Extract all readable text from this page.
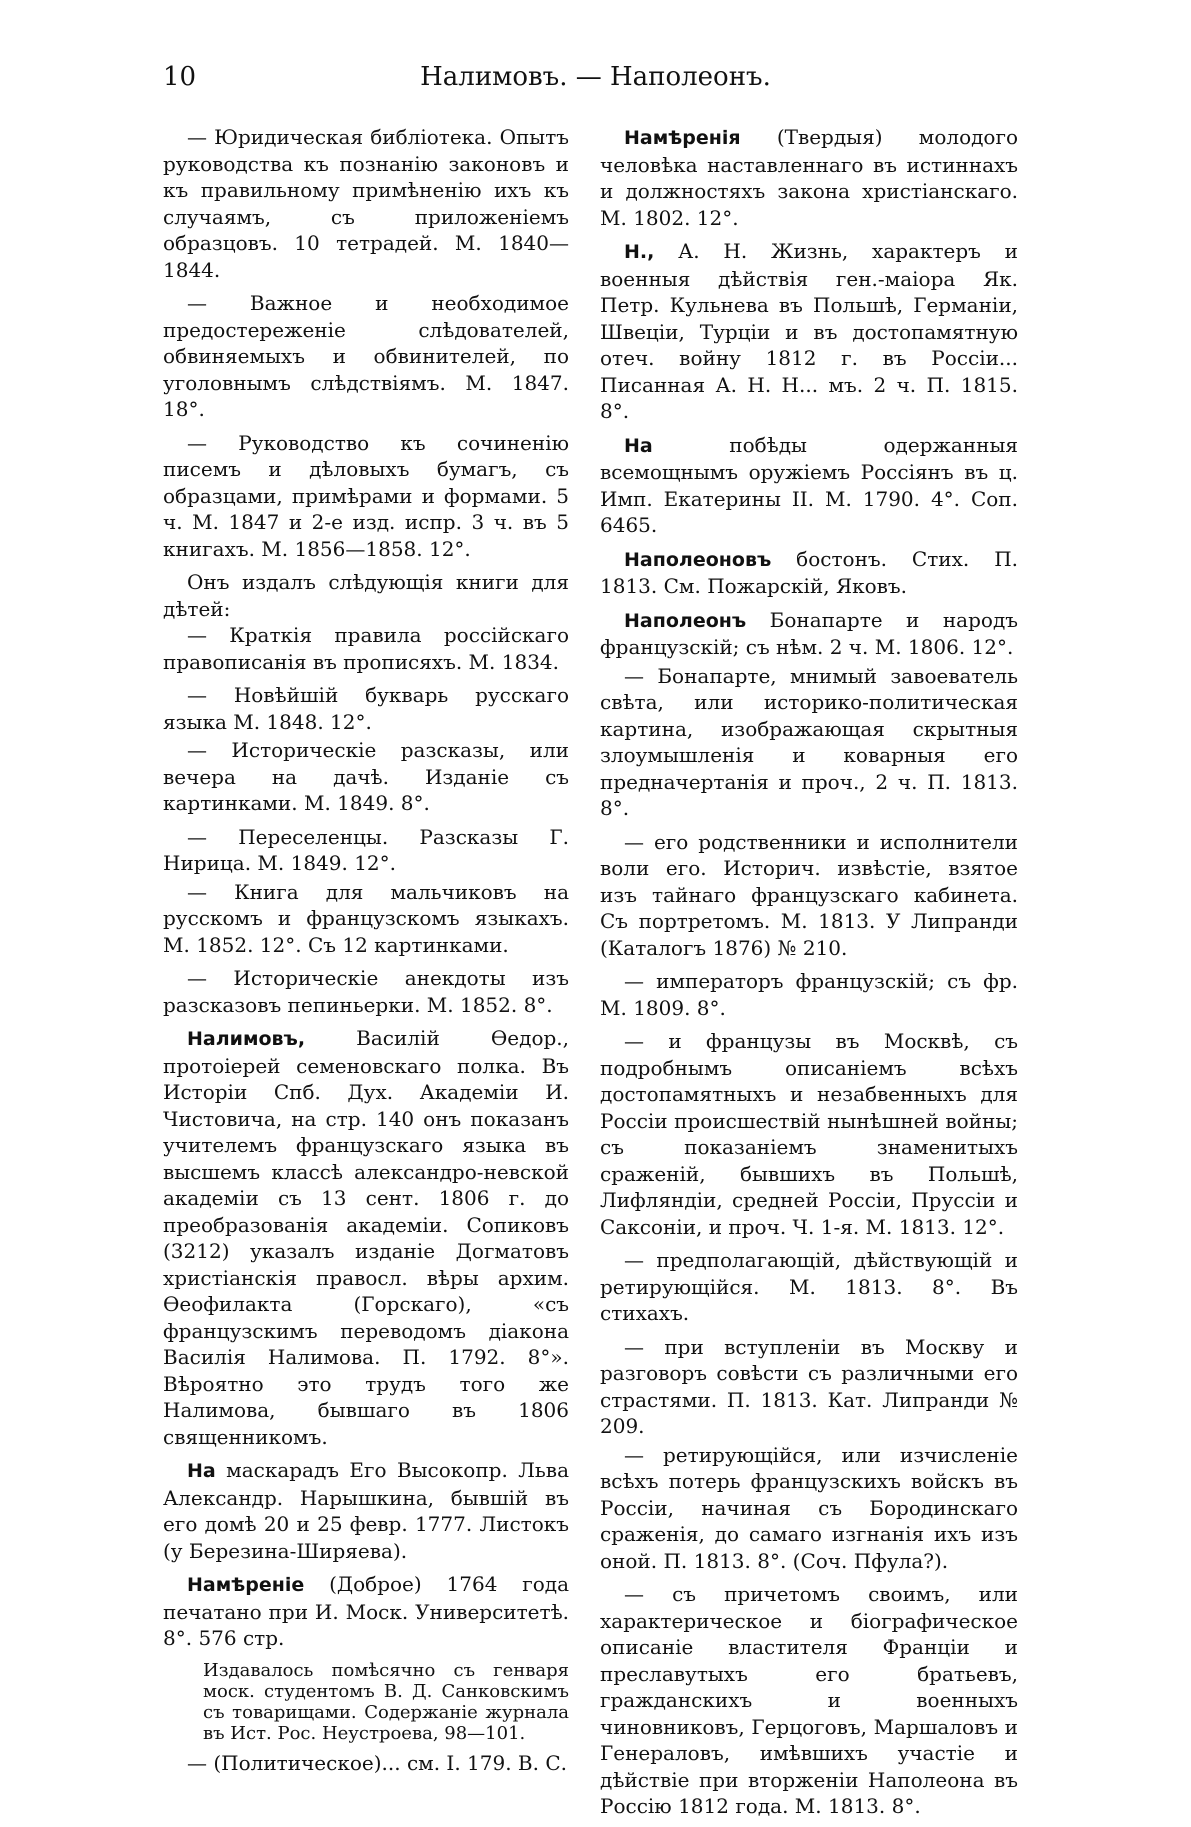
10	Налимовъ. — Наполеонъ.

— Юридическая библіотека. Опытъ руководства къ познанію законовъ и къ правильному примѣненію ихъ къ случаямъ, съ приложеніемъ образцовъ. 10 тетрадей. М. 1840—1844.

— Важное и необходимое предостереженіе слѣдователей, обвиняемыхъ и обвинителей, по уголовнымъ слѣдствіямъ. М. 1847. 18°.

— Руководство къ сочиненію писемъ и дѣловыхъ бумагъ, съ образцами, примѣрами и формами. 5 ч. М. 1847 и 2-е изд. испр. 3 ч. въ 5 книгахъ. М. 1856—1858. 12°.

Онъ издалъ слѣдующія книги для дѣтей:

— Краткія правила россійскаго правописанія въ прописяхъ. М. 1834.

— Новѣйшій букварь русскаго языка М. 1848. 12°.

— Историческіе разсказы, или вечера на дачѣ. Изданіе съ картинками. М. 1849. 8°.

— Переселенцы. Разсказы Г. Нирица. М. 1849. 12°.

— Книга для мальчиковъ на русскомъ и французскомъ языкахъ. М. 1852. 12°. Съ 12 картинками.

— Историческіе анекдоты изъ разсказовъ пепиньерки. М. 1852. 8°.

Налимовъ, Василій Ѳедор., протоіерей семеновскаго полка. Въ Исторіи Спб. Дух. Академіи И. Чистовича, на стр. 140 онъ показанъ учителемъ французскаго языка въ высшемъ классѣ александро-невской академіи съ 13 сент. 1806 г. до преобразованія академіи. Сопиковъ (3212) указалъ изданіе Догматовъ христіанскія правосл. вѣры архим. Ѳеофилакта (Горскаго), «съ французскимъ переводомъ діакона Василія Налимова. П. 1792. 8°». Вѣроятно это трудъ того же Налимова, бывшаго въ 1806 священникомъ.

На маскарадъ Его Высокопр. Льва Александр. Нарышкина, бывшій въ его домѣ 20 и 25 февр. 1777. Листокъ (у Березина-Ширяева).

Намѣреніе (Доброе) 1764 года печатано при И. Моск. Университетѣ. 8°. 576 стр.

Издавалось помѣсячно съ генваря моск. студентомъ В. Д. Санковскимъ съ товарищами. Содержаніе журнала въ Ист. Рос. Неустроева, 98—101.

— (Политическое)... см. I. 179. В. С.

Намѣренія (Твердыя) молодого человѣка наставленнаго въ истиннахъ и должностяхъ закона христіанскаго. М. 1802. 12°.

Н., А. Н. Жизнь, характеръ и военныя дѣйствія ген.-маіора Як. Петр. Кульнева въ Польшѣ, Германіи, Швеціи, Турціи и въ достопамятную отеч. войну 1812 г. въ Россіи... Писанная А. Н. Н... мъ. 2 ч. П. 1815. 8°.

На побѣды одержанныя всемощнымъ оружіемъ Россіянъ въ ц. Имп. Екатерины II. М. 1790. 4°. Соп. 6465.

Наполеоновъ бостонъ. Стих. П. 1813. См. Пожарскій, Яковъ.

Наполеонъ Бонапарте и народъ французскій; съ нѣм. 2 ч. М. 1806. 12°.

— Бонапарте, мнимый завоеватель свѣта, или историко-политическая картина, изображающая скрытныя злоумышленія и коварныя его предначертанія и проч., 2 ч. П. 1813. 8°.

— его родственники и исполнители воли его. Историч. извѣстіе, взятое изъ тайнаго французскаго кабинета. Съ портретомъ. М. 1813. У Липранди (Каталогъ 1876) № 210.

— императоръ французскій; съ фр. М. 1809. 8°.

— и французы въ Москвѣ, съ подробнымъ описаніемъ всѣхъ достопамятныхъ и незабвенныхъ для Россіи происшествій нынѣшней войны; съ показаніемъ знаменитыхъ сраженій, бывшихъ въ Польшѣ, Лифляндіи, средней Россіи, Пруссіи и Саксоніи, и проч. Ч. 1-я. М. 1813. 12°.

— предполагающій, дѣйствующій и ретирующійся. М. 1813. 8°. Въ стихахъ.

— при вступленіи въ Москву и разговоръ совѣсти съ различными его страстями. П. 1813. Кат. Липранди № 209.

— ретирующійся, или изчисленіе всѣхъ потерь французскихъ войскъ въ Россіи, начиная съ Бородинскаго сраженія, до самаго изгнанія ихъ изъ оной. П. 1813. 8°. (Соч. Пфула?).

— съ причетомъ своимъ, или характерическое и біографическое описаніе властителя Франціи и преславутыхъ его братьевъ, гражданскихъ и военныхъ чиновниковъ, Герцоговъ, Маршаловъ и Генераловъ, имѣвшихъ участіе и дѣйствіе при вторженіи Наполеона въ Россію 1812 года. М. 1813. 8°.
